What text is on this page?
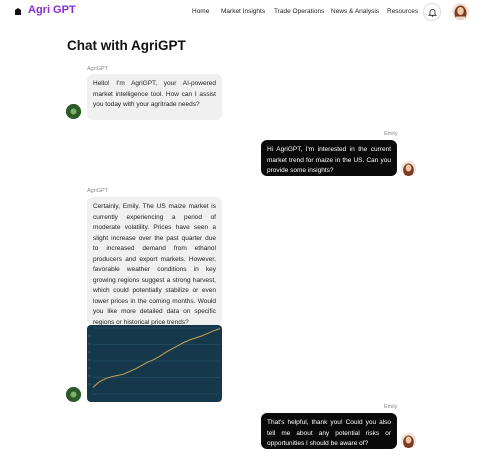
Agri GPT	Home Market Insights Trade Operations News & Analysis Resources
Chat with AgriGPT
AgriGPT
Hello! I'm AgriGPT, your AI-powered market intelligence tool. How can I assist you today with your agritrade needs?
Emily
Hi AgriGPT, I'm interested in the current market trend for maize in the US. Can you provide some insights?
AgriGPT
Certainly, Emily. The US maize market is currently experiencing a period of moderate volatility. Prices have seen a slight increase over the past quarter due to increased demand from ethanol producers and export markets. However, favorable weather conditions in key growing regions suggest a strong harvest, which could potentially stabilize or even lower prices in the coming months. Would you like more detailed data on specific regions or historical price trends?
Emily
That's helpful, thank you! Could you also tell me about any potential risks or opportunities I should be aware of?
